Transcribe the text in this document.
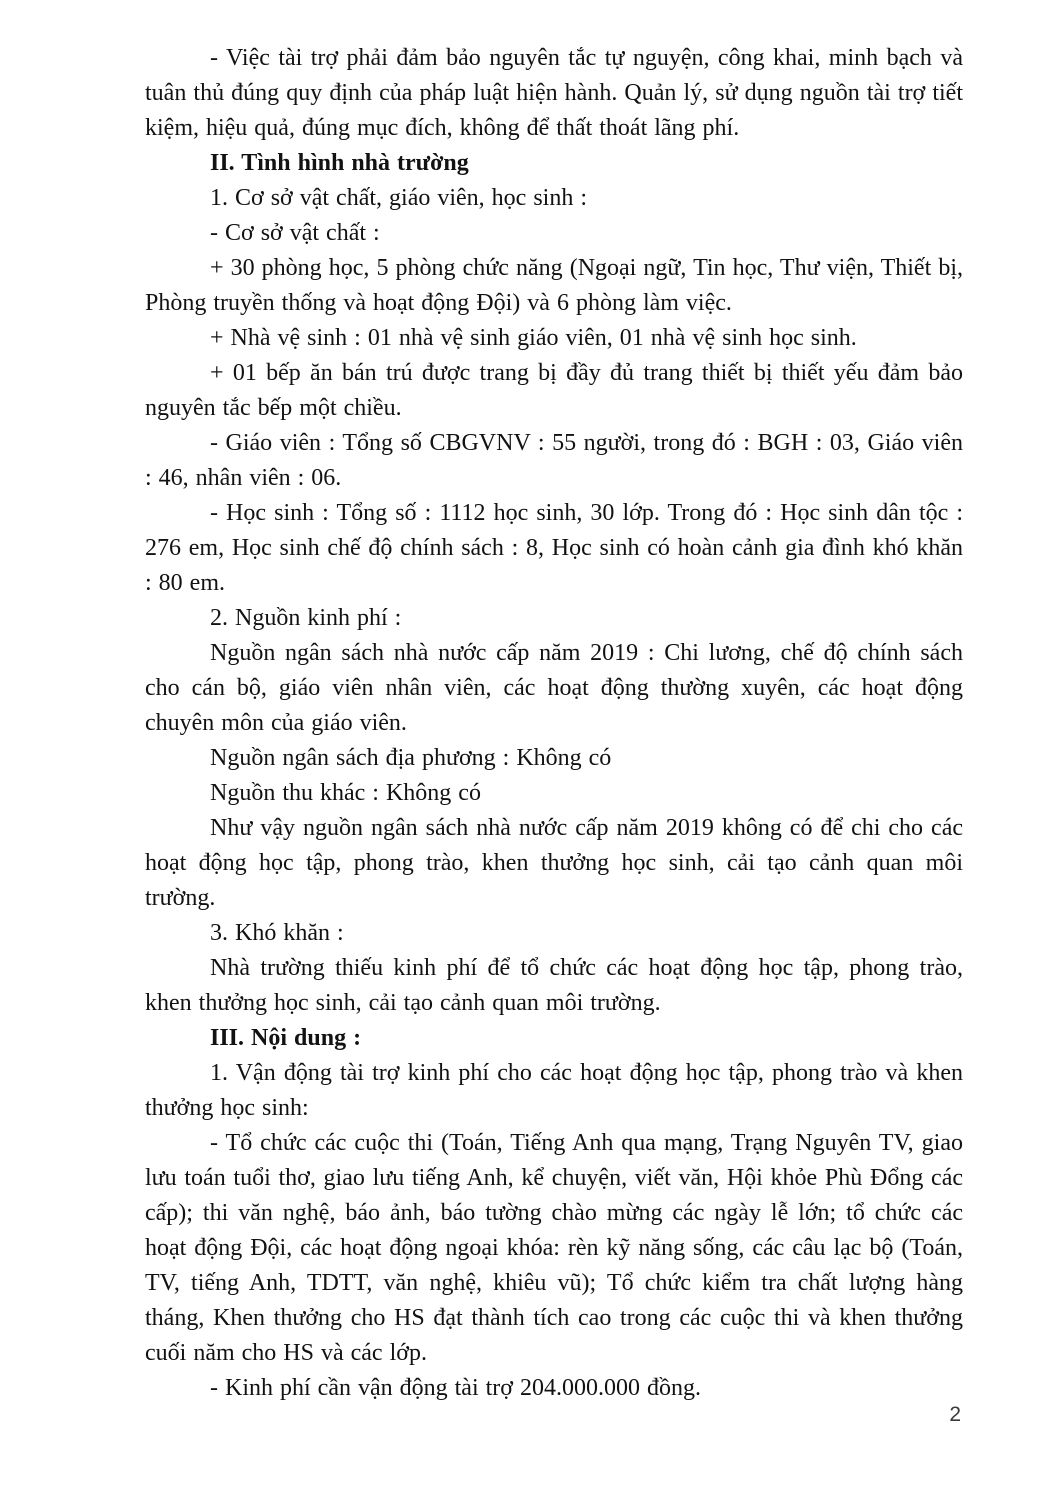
- Việc tài trợ phải đảm bảo nguyên tắc tự nguyện, công khai, minh bạch và tuân thủ đúng quy định của pháp luật hiện hành. Quản lý, sử dụng nguồn tài trợ tiết kiệm, hiệu quả, đúng mục đích, không để thất thoát lãng phí.

II. Tình hình nhà trường

1. Cơ sở vật chất, giáo viên, học sinh :

- Cơ sở vật chất :

+ 30 phòng học, 5 phòng chức năng (Ngoại ngữ, Tin học, Thư viện, Thiết bị, Phòng truyền thống và hoạt động Đội) và 6 phòng làm việc.

+ Nhà vệ sinh : 01 nhà vệ sinh giáo viên, 01 nhà vệ sinh học sinh.

+ 01 bếp ăn bán trú được trang bị đầy đủ trang thiết bị thiết yếu đảm bảo nguyên tắc bếp một chiều.

- Giáo viên : Tổng số CBGVNV : 55 người, trong đó : BGH : 03, Giáo viên : 46, nhân viên : 06.

- Học sinh : Tổng số : 1112 học sinh, 30 lớp. Trong đó : Học sinh dân tộc : 276 em, Học sinh chế độ chính sách : 8, Học sinh có hoàn cảnh gia đình khó khăn : 80 em.

2. Nguồn kinh phí :

Nguồn ngân sách nhà nước cấp năm 2019 : Chi lương, chế độ chính sách cho cán bộ, giáo viên nhân viên, các hoạt động thường xuyên, các hoạt động chuyên môn của giáo viên.

Nguồn ngân sách địa phương : Không có

Nguồn thu khác : Không có

Như vậy nguồn ngân sách nhà nước cấp năm 2019 không có để chi cho các hoạt động học tập, phong trào, khen thưởng học sinh, cải tạo cảnh quan môi trường.

3. Khó khăn :

Nhà trường thiếu kinh phí để tổ chức các hoạt động học tập, phong trào, khen thưởng học sinh, cải tạo cảnh quan môi trường.

III. Nội dung :

1. Vận động tài trợ kinh phí cho các hoạt động học tập, phong trào và khen thưởng học sinh:

- Tổ chức các cuộc thi (Toán, Tiếng Anh qua mạng, Trạng Nguyên TV, giao lưu toán tuổi thơ, giao lưu tiếng Anh, kể chuyện, viết văn, Hội khỏe Phù Đổng các cấp); thi văn nghệ, báo ảnh, báo tường chào mừng các ngày lễ lớn; tổ chức các hoạt động Đội, các hoạt động ngoại khóa: rèn kỹ năng sống, các câu lạc bộ (Toán, TV, tiếng Anh, TDTT, văn nghệ, khiêu vũ); Tổ chức kiểm tra chất lượng hàng tháng, Khen thưởng cho HS đạt thành tích cao trong các cuộc thi và khen thưởng cuối năm cho HS và các lớp.

- Kinh phí cần vận động tài trợ 204.000.000 đồng.

2
